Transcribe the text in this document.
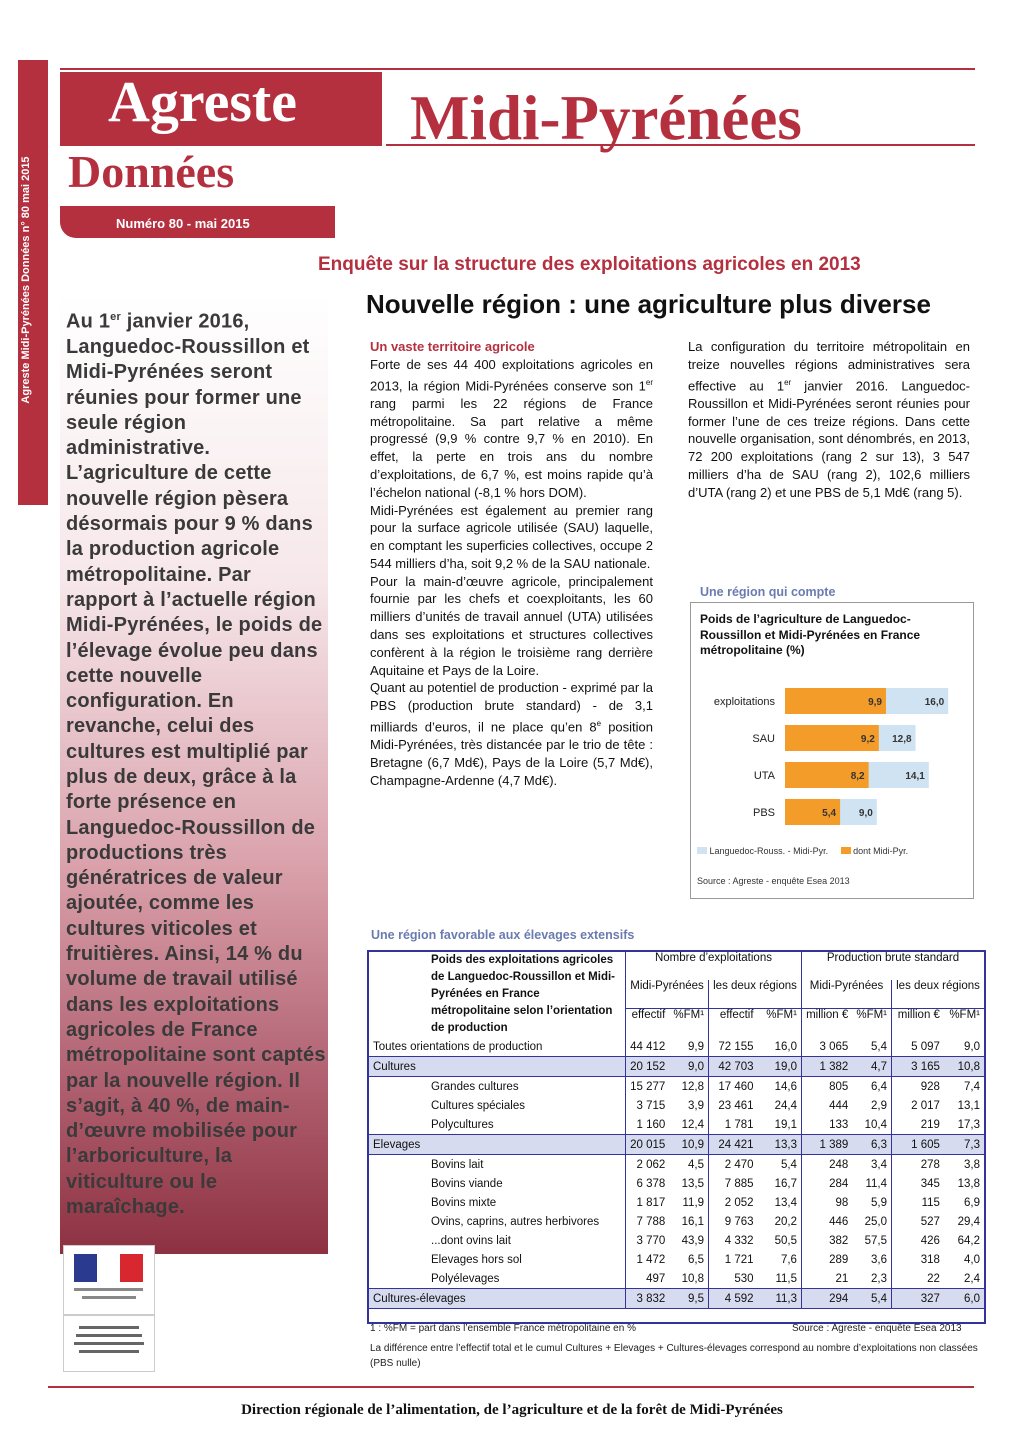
Agreste Midi-Pyrénées Données n° 80 mai 2015
Agreste Midi-Pyrénées
Données
Numéro 80 - mai 2015
Enquête sur la structure des exploitations agricoles en 2013
Nouvelle région : une agriculture plus diverse
Au 1er janvier 2016, Languedoc-Roussillon et Midi-Pyrénées seront réunies pour former une seule région administrative. L’agriculture de cette nouvelle région pèsera désormais pour 9 % dans la production agricole métropolitaine. Par rapport à l’actuelle région Midi-Pyrénées, le poids de l’élevage évolue peu dans cette nouvelle configuration. En revanche, celui des cultures est multiplié par plus de deux, grâce à la forte présence en Languedoc-Roussillon de productions très génératrices de valeur ajoutée, comme les cultures viticoles et fruitières. Ainsi, 14 % du volume de travail utilisé dans les exploitations agricoles de France métropolitaine sont captés par la nouvelle région. Il s’agit, à 40 %, de main-d’œuvre mobilisée pour l’arboriculture, la viticulture ou le maraîchage.

Un vaste territoire agricole

Forte de ses 44 400 exploitations agricoles en 2013, la région Midi-Pyrénées conserve son 1er rang parmi les 22 régions de France métropolitaine. Sa part relative a même progressé (9,9 % contre 9,7 % en 2010). En effet, la perte en trois ans du nombre d’exploitations, de 6,7 %, est moins rapide qu’à l’échelon national (-8,1 % hors DOM).

Midi-Pyrénées est également au premier rang pour la surface agricole utilisée (SAU) laquelle, en comptant les superficies collectives, occupe 2 544 milliers d’ha, soit 9,2 % de la SAU nationale.

Pour la main-d’œuvre agricole, principalement fournie par les chefs et coexploitants, les 60 milliers d’unités de travail annuel (UTA) utilisées dans ses exploitations et structures collectives confèrent à la région le troisième rang derrière Aquitaine et Pays de la Loire.

Quant au potentiel de production - exprimé par la PBS (production brute standard) - de 3,1 milliards d’euros, il ne place qu’en 8e position Midi-Pyrénées, très distancée par le trio de tête : Bretagne (6,7 Md€), Pays de la Loire (5,7 Md€), Champagne-Ardenne (4,7 Md€).

La configuration du territoire métropolitain en treize nouvelles régions administratives sera effective au 1er janvier 2016. Languedoc-Roussillon et Midi-Pyrénées seront réunies pour former l’une de ces treize régions. Dans cette nouvelle organisation, sont dénombrés, en 2013, 72 200 exploitations (rang 2 sur 13), 3 547 milliers d’ha de SAU (rang 2), 102,6 milliers d’UTA (rang 2) et une PBS de 5,1 Md€ (rang 5).

Une région qui compte
Poids de l’agriculture de Languedoc-Roussillon et Midi-Pyrénées en France métropolitaine (%)
exploitations	9,9	16,0
SAU	9,2 12,8
UTA	8,2	14,1
PBS	5,4 9,0
Languedoc-Rouss. - Midi-Pyr.	dont Midi-Pyr.
Source : Agreste - enquête Esea 2013
Une région favorable aux élevages extensifs
Poids des exploitations agricoles de Languedoc-Roussillon et Midi-Pyrénées en France métropolitaine selon l’orientation de production	Nombre d’exploitations				Production brute standard			
	Midi-Pyrénées		les deux régions		Midi-Pyrénées		les deux régions	
	effectif	%FM¹	effectif	%FM¹	million €	%FM¹	million €	%FM¹
Toutes orientations de production	44 412	9,9	72 155	16,0	3 065	5,4	5 097	9,0
Cultures	20 152	9,0	42 703	19,0	1 382	4,7	3 165	10,8
Grandes cultures	15 277	12,8	17 460	14,6	805	6,4	928	7,4
Cultures spéciales	3 715	3,9	23 461	24,4	444	2,9	2 017	13,1
Polycultures	1 160	12,4	1 781	19,1	133	10,4	219	17,3
Elevages	20 015	10,9	24 421	13,3	1 389	6,3	1 605	7,3
Bovins lait	2 062	4,5	2 470	5,4	248	3,4	278	3,8
Bovins viande	6 378	13,5	7 885	16,7	284	11,4	345	13,8
Bovins mixte	1 817	11,9	2 052	13,4	98	5,9	115	6,9
Ovins, caprins, autres herbivores	7 788	16,1	9 763	20,2	446	25,0	527	29,4
...dont ovins lait	3 770	43,9	4 332	50,5	382	57,5	426	64,2
Elevages hors sol	1 472	6,5	1 721	7,6	289	3,6	318	4,0
Polyélevages	497	10,8	530	11,5	21	2,3	22	2,4
Cultures-élevages	3 832	9,5	4 592	11,3	294	5,4	327	6,0
1 : %FM = part dans l’ensemble France métropolitaine en %	Source : Agreste - enquête Esea 2013
La différence entre l’effectif total et le cumul Cultures + Elevages + Cultures-élevages correspond au nombre d’exploitations non classées (PBS nulle)
Direction régionale de l’alimentation, de l’agriculture et de la forêt de Midi-Pyrénées
